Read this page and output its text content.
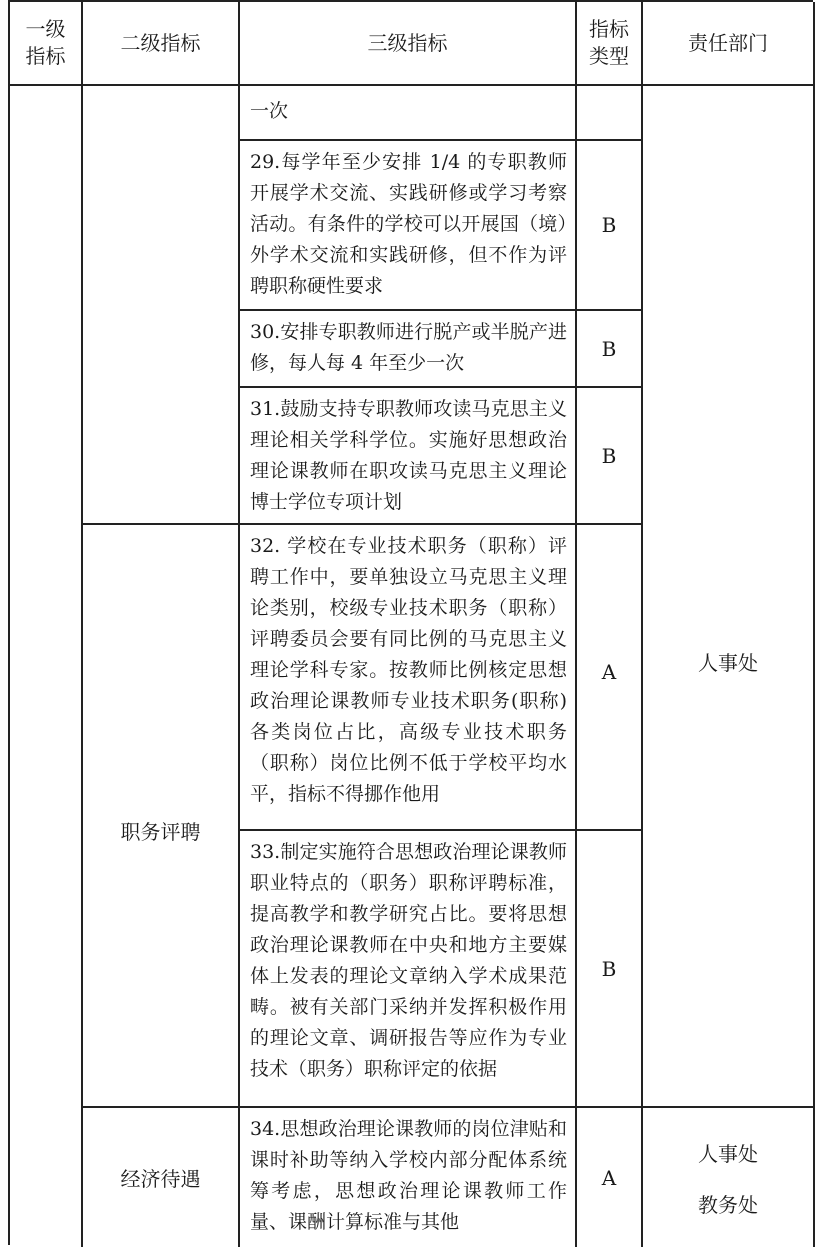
一级
指标
二级指标	三级指标
指标
类型
责任部门
职务评聘
经济待遇
一次
29.每学年至少安排 1/4 的专职教师开展学术交流、实践研修或学习考察活动。有条件的学校可以开展国（境）外学术交流和实践研修，但不作为评聘职称硬性要求
30.安排专职教师进行脱产或半脱产进修，每人每 4 年至少一次
31.鼓励支持专职教师攻读马克思主义理论相关学科学位。实施好思想政治理论课教师在职攻读马克思主义理论博士学位专项计划
32. 学校在专业技术职务（职称）评聘工作中，要单独设立马克思主义理论类别，校级专业技术职务（职称）评聘委员会要有同比例的马克思主义理论学科专家。按教师比例核定思想政治理论课教师专业技术职务(职称)各类岗位占比，高级专业技术职务（职称）岗位比例不低于学校平均水平，指标不得挪作他用
33.制定实施符合思想政治理论课教师职业特点的（职务）职称评聘标准，提高教学和教学研究占比。要将思想政治理论课教师在中央和地方主要媒体上发表的理论文章纳入学术成果范畴。被有关部门采纳并发挥积极作用的理论文章、调研报告等应作为专业技术（职务）职称评定的依据
34.思想政治理论课教师的岗位津贴和课时补助等纳入学校内部分配体系统筹考虑，思想政治理论课教师工作量、课酬计算标准与其他
B
B
B
A
B
A
人事处
人事处
教务处
